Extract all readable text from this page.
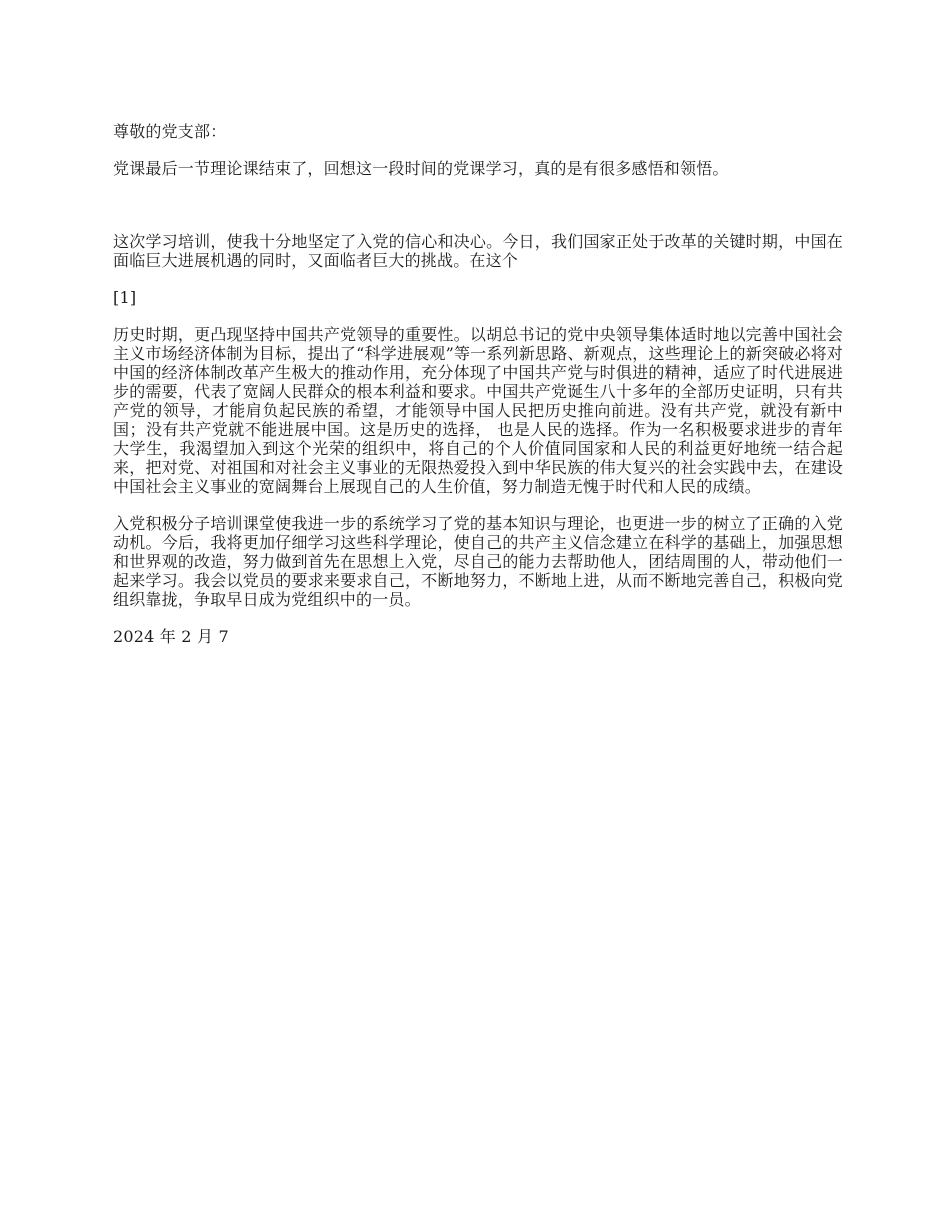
尊敬的党支部：

党课最后一节理论课结束了，回想这一段时间的党课学习，真的是有很多感悟和领悟。

这次学习培训，使我十分地坚定了入党的信心和决心。今日，我们国家正处于改革的关键时期，中国在面临巨大进展机遇的同时，又面临者巨大的挑战。在这个

[1]

历史时期，更凸现坚持中国共产党领导的重要性。以胡总书记的党中央领导集体适时地以完善中国社会主义市场经济体制为目标，提出了“科学进展观”等一系列新思路、新观点，这些理论上的新突破必将对中国的经济体制改革产生极大的推动作用，充分体现了中国共产党与时俱进的精神，适应了时代进展进步的需要，代表了宽阔人民群众的根本利益和要求。中国共产党诞生八十多年的全部历史证明，只有共产党的领导，才能肩负起民族的希望，才能领导中国人民把历史推向前进。没有共产党，就没有新中国；没有共产党就不能进展中国。这是历史的选择， 也是人民的选择。作为一名积极要求进步的青年大学生，我渴望加入到这个光荣的组织中，将自己的个人价值同国家和人民的利益更好地统一结合起来，把对党、对祖国和对社会主义事业的无限热爱投入到中华民族的伟大复兴的社会实践中去，在建设中国社会主义事业的宽阔舞台上展现自己的人生价值，努力制造无愧于时代和人民的成绩。

入党积极分子培训课堂使我进一步的系统学习了党的基本知识与理论，也更进一步的树立了正确的入党动机。今后，我将更加仔细学习这些科学理论，使自己的共产主义信念建立在科学的基础上，加强思想和世界观的改造，努力做到首先在思想上入党，尽自己的能力去帮助他人，团结周围的人，带动他们一起来学习。我会以党员的要求来要求自己，不断地努力，不断地上进，从而不断地完善自己，积极向党组织靠拢，争取早日成为党组织中的一员。

2024 年 2 月 7
